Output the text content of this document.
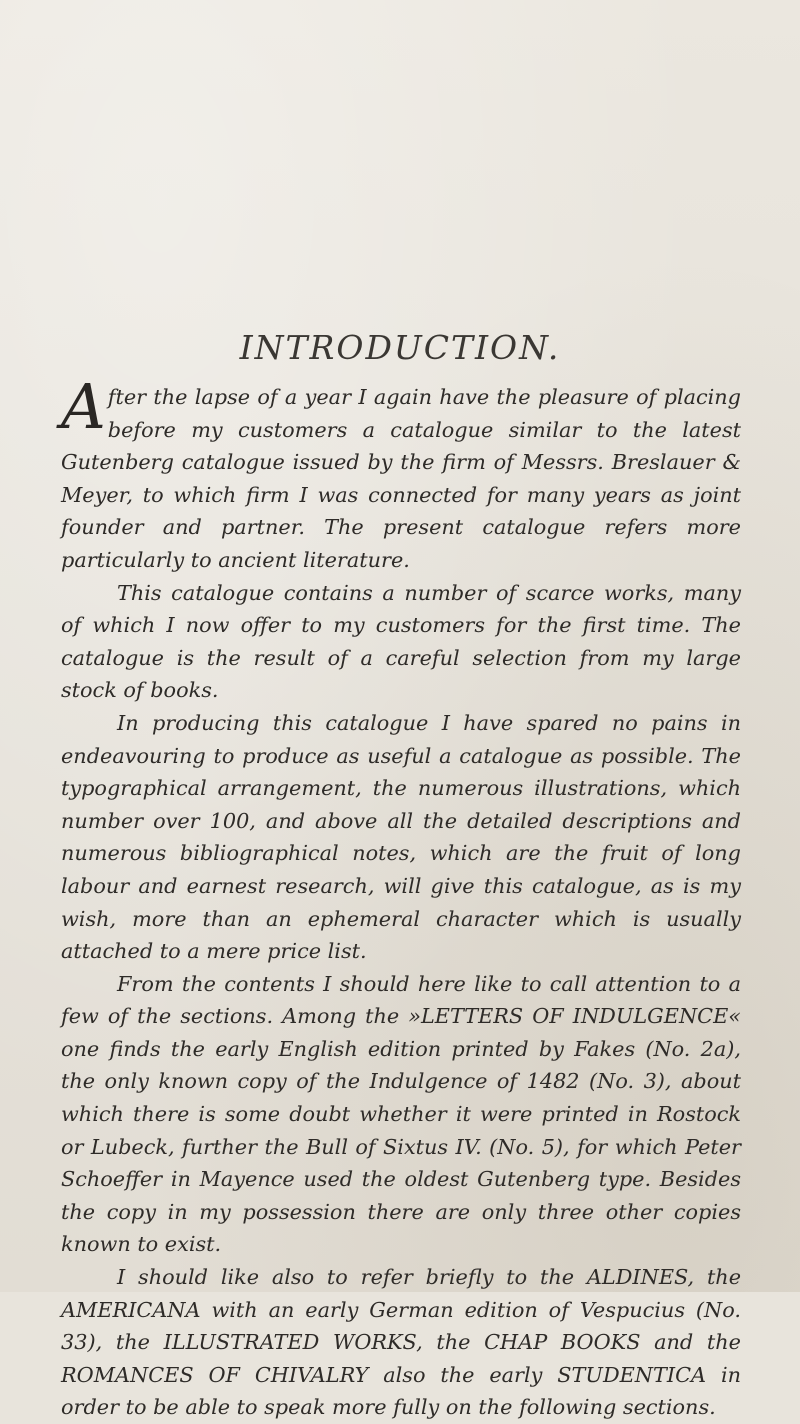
INTRODUCTION.

After the lapse of a year I again have the pleasure of placing before my customers a catalogue similar to the latest Gutenberg catalogue issued by the firm of Messrs. Breslauer & Meyer, to which firm I was connected for many years as joint founder and partner. The present catalogue refers more particularly to ancient literature.

This catalogue contains a number of scarce works, many of which I now offer to my customers for the first time. The catalogue is the result of a careful selection from my large stock of books.

In producing this catalogue I have spared no pains in endeavouring to produce as useful a catalogue as possible. The typographical arrangement, the numerous illustrations, which number over 100, and above all the detailed descriptions and numerous bibliographical notes, which are the fruit of long labour and earnest research, will give this catalogue, as is my wish, more than an ephemeral character which is usually attached to a mere price list.

From the contents I should here like to call attention to a few of the sections. Among the »LETTERS OF INDULGENCE« one finds the early English edition printed by Fakes (No. 2a), the only known copy of the Indulgence of 1482 (No. 3), about which there is some doubt whether it were printed in Rostock or Lubeck, further the Bull of Sixtus IV. (No. 5), for which Peter Schoeffer in Mayence used the oldest Gutenberg type. Besides the copy in my possession there are only three other copies known to exist.

I should like also to refer briefly to the ALDINES, the AMERICANA with an early German edition of Vespucius (No. 33), the ILLUSTRATED WORKS, the CHAP BOOKS and the ROMANCES OF CHIVALRY also the early STUDENTICA in order to be able to speak more fully on the following sections.
